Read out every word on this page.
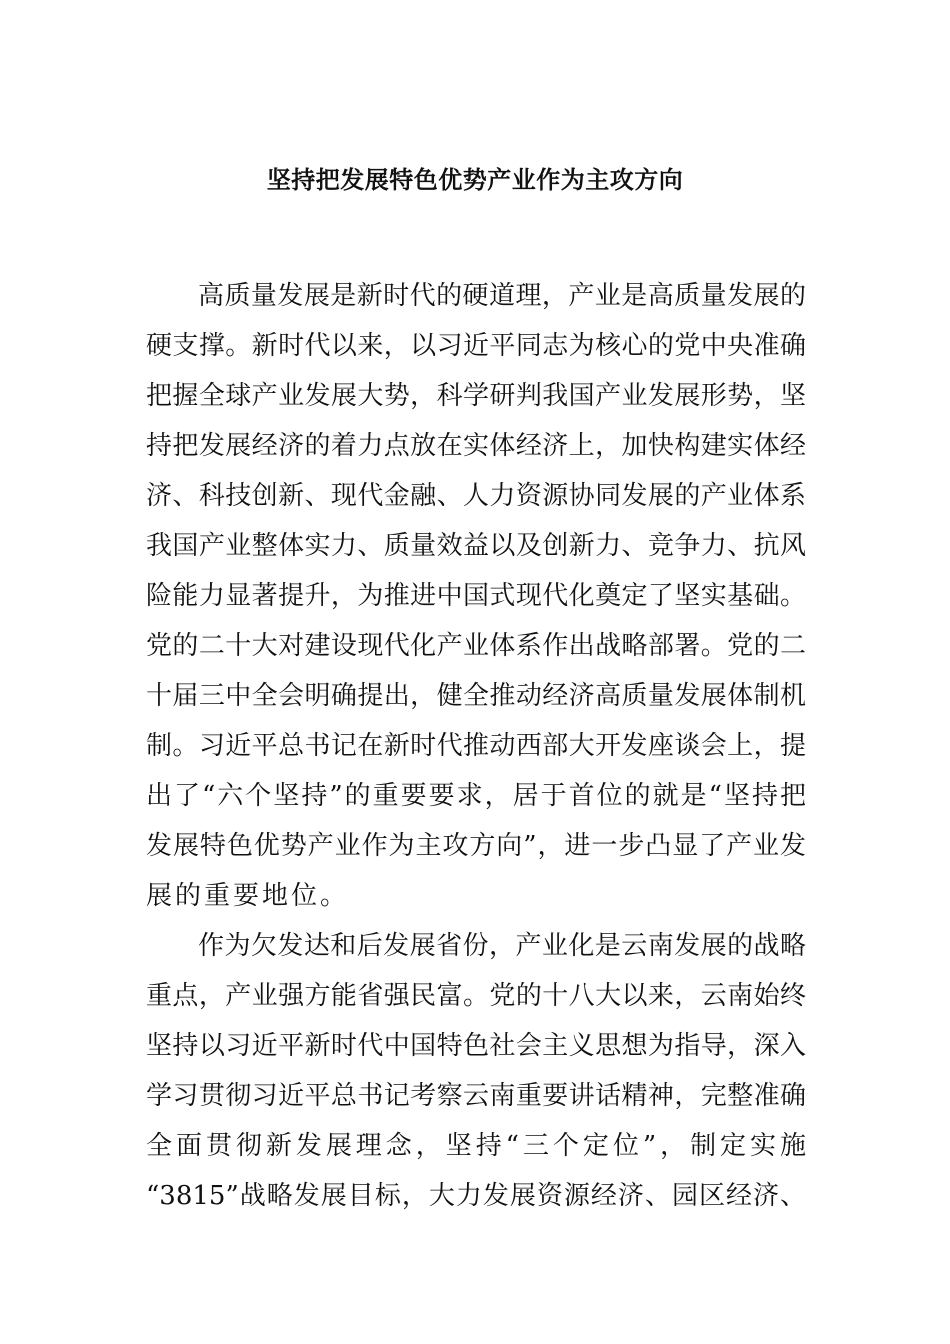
坚持把发展特色优势产业作为主攻方向
高质量发展是新时代的硬道理，产业是高质量发展的
硬支撑。新时代以来，以习近平同志为核心的党中央准确
把握全球产业发展大势，科学研判我国产业发展形势，坚
持把发展经济的着力点放在实体经济上，加快构建实体经
济、科技创新、现代金融、人力资源协同发展的产业体系
我国产业整体实力、质量效益以及创新力、竞争力、抗风
险能力显著提升，为推进中国式现代化奠定了坚实基础。
党的二十大对建设现代化产业体系作出战略部署。党的二
十届三中全会明确提出，健全推动经济高质量发展体制机
制。习近平总书记在新时代推动西部大开发座谈会上，提
出了“六个坚持”的重要要求，居于首位的就是“坚持把
发展特色优势产业作为主攻方向”，进一步凸显了产业发
展的重要地位。
作为欠发达和后发展省份，产业化是云南发展的战略
重点，产业强方能省强民富。党的十八大以来，云南始终
坚持以习近平新时代中国特色社会主义思想为指导，深入
学习贯彻习近平总书记考察云南重要讲话精神，完整准确
全面贯彻新发展理念，坚持“三个定位”，制定实施
“3815”战略发展目标，大力发展资源经济、园区经济、
